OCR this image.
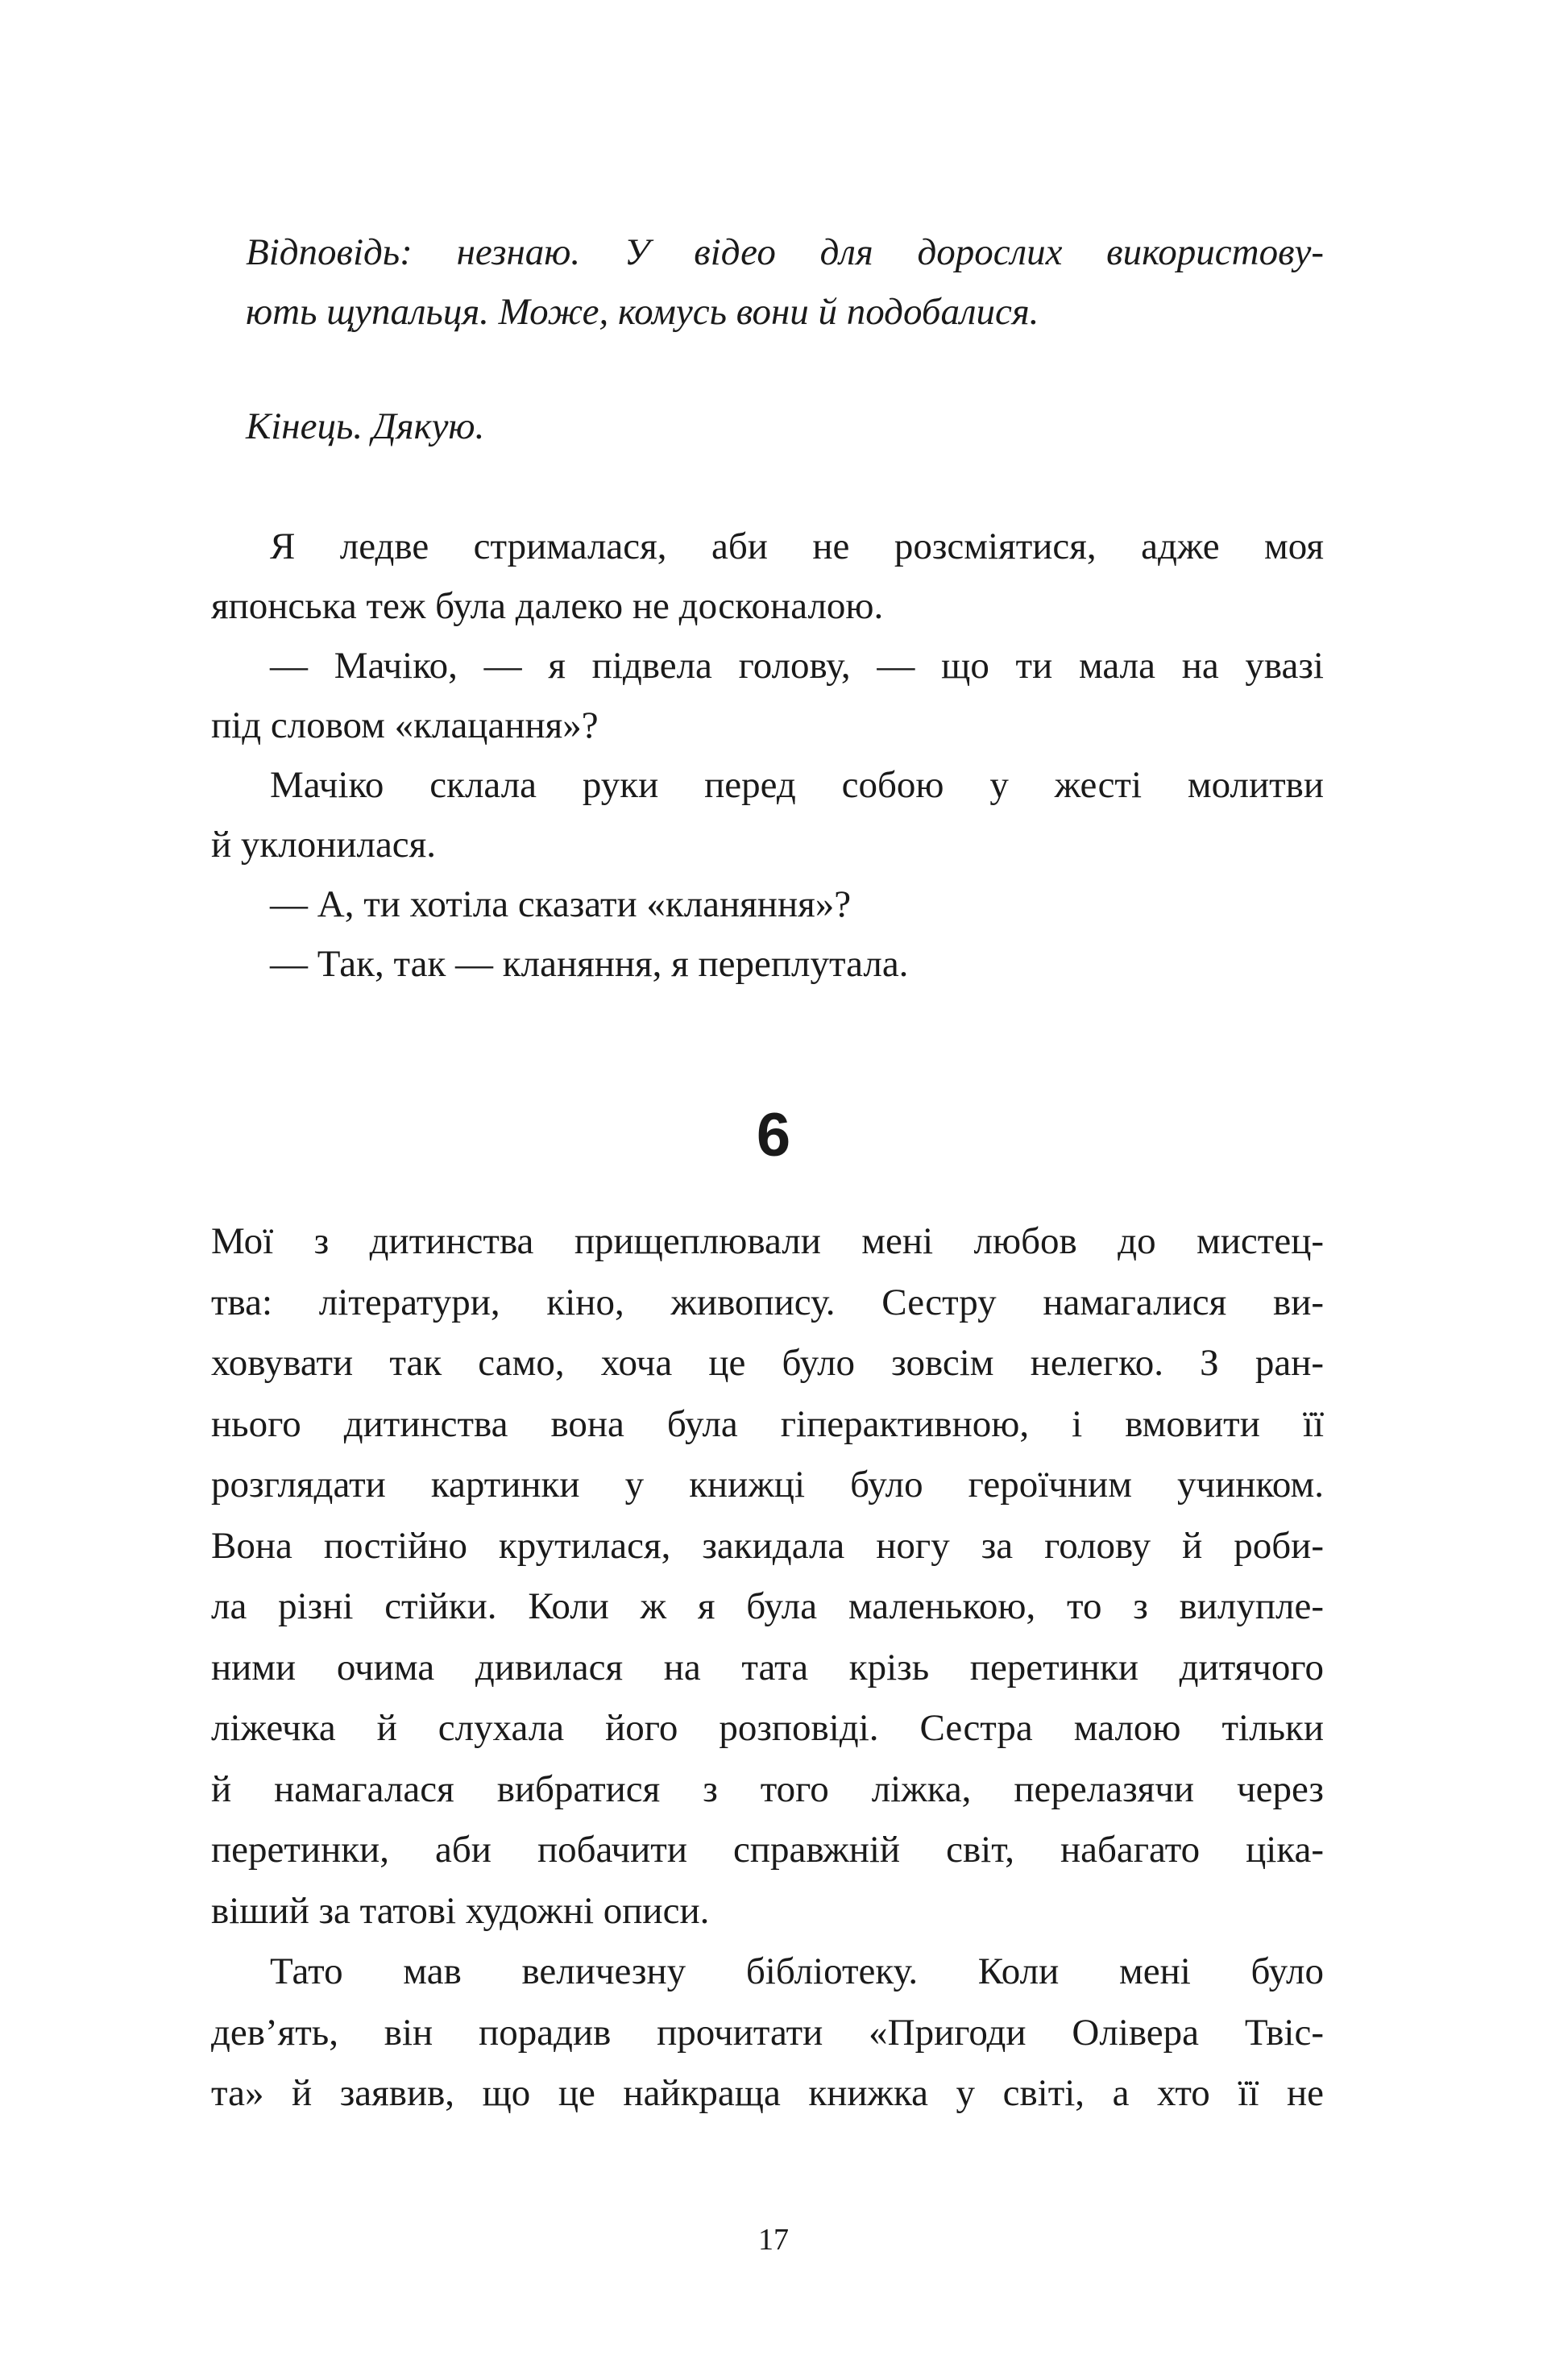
Відповідь: незнаю. У відео для дорослих використову-
ють щупальця. Може, комусь вони й подобалися.
Кінець. Дякую.
Я ледве стрималася, аби не розсміятися, адже моя
японська теж була далеко не досконалою.
— Мачіко, — я підвела голову, — що ти мала на увазі
під словом «клацання»?
Мачіко склала руки перед собою у жесті молитви
й уклонилася.
— А, ти хотіла сказати «кланяння»?
— Так, так — кланяння, я переплутала.
6
Мої з дитинства прищеплювали мені любов до мистец-
тва: літератури, кіно, живопису. Сестру намагалися ви-
ховувати так само, хоча це було зовсім нелегко. З ран-
нього дитинства вона була гіперактивною, і вмовити її
розглядати картинки у книжці було героїчним учинком.
Вона постійно крутилася, закидала ногу за голову й роби-
ла різні стійки. Коли ж я була маленькою, то з вилупле-
ними очима дивилася на тата крізь перетинки дитячого
ліжечка й слухала його розповіді. Сестра малою тільки
й намагалася вибратися з того ліжка, перелазячи через
перетинки, аби побачити справжній світ, набагато ціка-
віший за татові художні описи.
Тато мав величезну бібліотеку. Коли мені було
дев’ять, він порадив прочитати «Пригоди Олівера Твіс-
та» й заявив, що це найкраща книжка у світі, а хто її не
17
